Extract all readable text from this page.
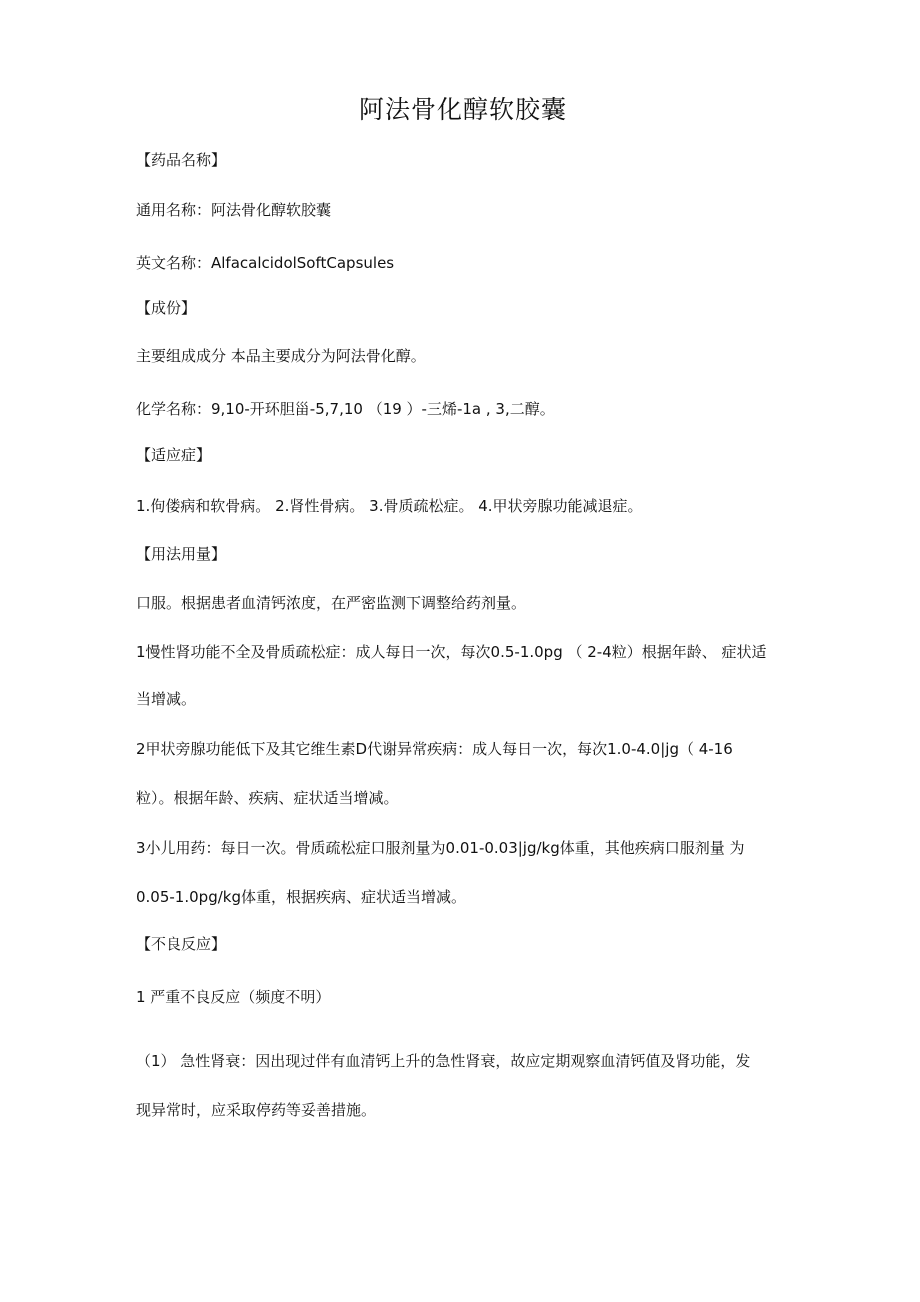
阿法骨化醇软胶囊
【药品名称】
通用名称：阿法骨化醇软胶囊
英文名称：AlfacalcidolSoftCapsules
【成份】
主要组成成分 本品主要成分为阿法骨化醇。
化学名称：9,10-开环胆甾-5,7,10 （19 ）-三烯-1a , 3,二醇。
【适应症】
1.佝偻病和软骨病。 2.肾性骨病。 3.骨质疏松症。 4.甲状旁腺功能减退症。
【用法用量】
口服。根据患者血清钙浓度，在严密监测下调整给药剂量。
1慢性肾功能不全及骨质疏松症：成人每日一次，每次0.5-1.0pg （ 2-4粒）根据年龄、 症状适
当增减。
2甲状旁腺功能低下及其它维生素D代谢异常疾病：成人每日一次，每次1.0-4.0|jg（ 4-16
粒）。根据年龄、疾病、症状适当增减。
3小儿用药：每日一次。骨质疏松症口服剂量为0.01-0.03|jg/kg体重，其他疾病口服剂量 为
0.05-1.0pg/kg体重，根据疾病、症状适当增减。
【不良反应】
1 严重不良反应（频度不明）
（1） 急性肾衰：因出现过伴有血清钙上升的急性肾衰，故应定期观察血清钙值及肾功能，发
现异常时，应采取停药等妥善措施。
